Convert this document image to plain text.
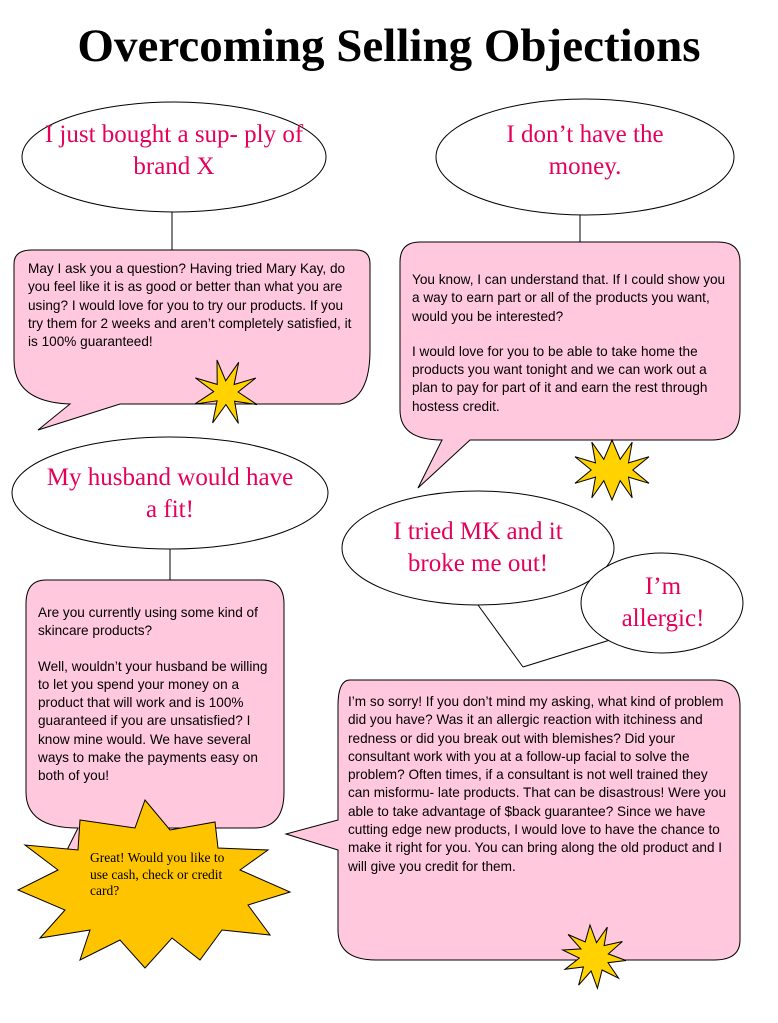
Overcoming Selling Objections
I just bought a sup- ply of brand X
I don’t have the money.
My husband would have a fit!
I tried MK and it broke me out!
I’m allergic!

May I ask you a question? Having tried Mary Kay, do you feel like it is as good or better than what you are using? I would love for you to try our products. If you try them for 2 weeks and aren’t completely satisfied, it is 100% guaranteed!

You know, I can understand that. If I could show you a way to earn part or all of the products you want, would you be interested?

I would love for you to be able to take home the products you want tonight and we can work out a plan to pay for part of it and earn the rest through hostess credit.

Are you currently using some kind of skincare products?

Well, wouldn’t your husband be willing to let you spend your money on a product that will work and is 100% guaranteed if you are unsatisfied? I know mine would. We have several ways to make the payments easy on both of you!

I’m so sorry! If you don’t mind my asking, what kind of problem did you have? Was it an allergic reaction with itchiness and redness or did you break out with blemishes? Did your consultant work with you at a follow-up facial to solve the problem? Often times, if a consultant is not well trained they can misformu- late products. That can be disastrous! Were you able to take advantage of $back guarantee? Since we have cutting edge new products, I would love to have the chance to make it right for you. You can bring along the old product and I will give you credit for them.

Great! Would you like to use cash, check or credit card?
